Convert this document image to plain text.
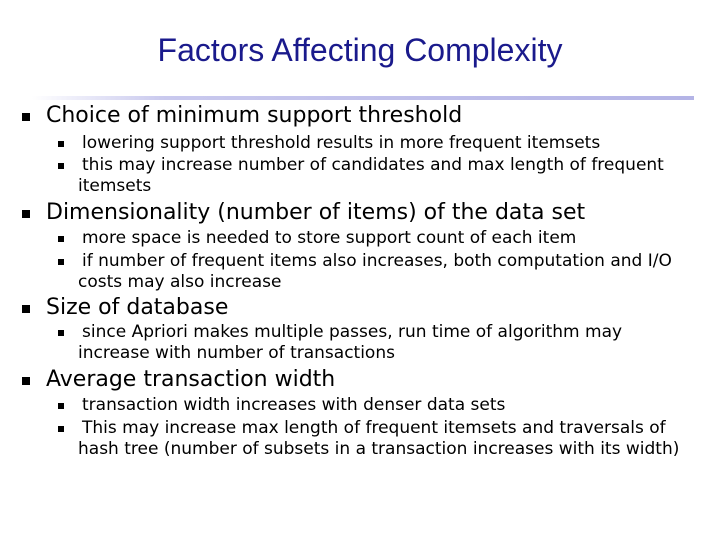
Factors Affecting Complexity
Choice of minimum support threshold
lowering support threshold results in more frequent itemsets
this may increase number of candidates and max length of frequent itemsets
Dimensionality (number of items) of the data set
more space is needed to store support count of each item
if number of frequent items also increases, both computation and I/O costs may also increase
Size of database
since Apriori makes multiple passes, run time of algorithm may increase with number of transactions
Average transaction width
transaction width increases with denser data sets
This may increase max length of frequent itemsets and traversals of hash tree (number of subsets in a transaction increases with its width)
